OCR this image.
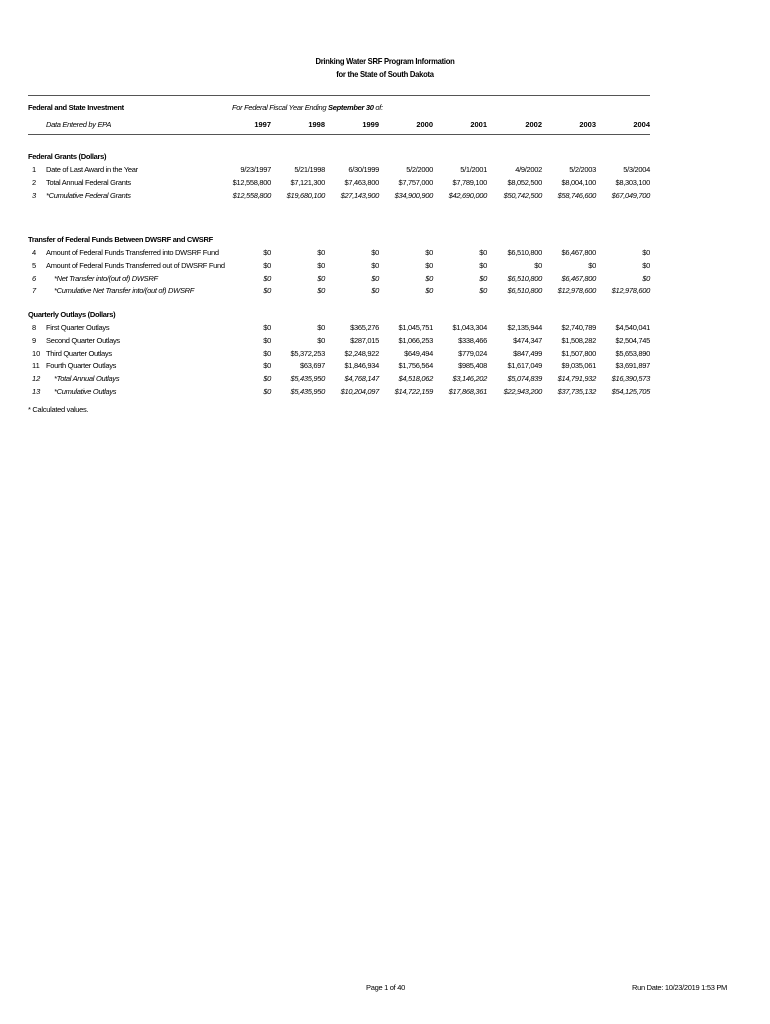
Drinking Water SRF Program Information
for the State of South Dakota
Federal and State Investment
Data Entered by EPA
For Federal Fiscal Year Ending September 30 of:
1997	1998	1999	2000	2001	2002	2003	2004
Federal Grants (Dollars)
1 Date of Last Award in the Year	9/23/1997	5/21/1998	6/30/1999	5/2/2000	5/1/2001	4/9/2002	5/2/2003	5/3/2004
2 Total Annual Federal Grants	$12,558,800	$7,121,300	$7,463,800	$7,757,000	$7,789,100	$8,052,500	$8,004,100	$8,303,100
3 *Cumulative Federal Grants	$12,558,800	$19,680,100	$27,143,900	$34,900,900	$42,690,000	$50,742,500	$58,746,600	$67,049,700
Transfer of Federal Funds Between DWSRF and CWSRF
4 Amount of Federal Funds Transferred into DWSRF Fund	$0	$0	$0	$0	$0	$6,510,800	$6,467,800	$0
5 Amount of Federal Funds Transferred out of DWSRF Fund	$0	$0	$0	$0	$0	$0	$0	$0
6 *Net Transfer into/(out of) DWSRF	$0	$0	$0	$0	$0	$6,510,800	$6,467,800	$0
7 *Cumulative Net Transfer into/(out of) DWSRF	$0	$0	$0	$0	$0	$6,510,800	$12,978,600	$12,978,600
Quarterly Outlays (Dollars)
8 First Quarter Outlays	$0	$0	$365,276	$1,045,751	$1,043,304	$2,135,944	$2,740,789	$4,540,041
9 Second Quarter Outlays	$0	$0	$287,015	$1,066,253	$338,466	$474,347	$1,508,282	$2,504,745
10 Third Quarter Outlays	$0	$5,372,253	$2,248,922	$649,494	$779,024	$847,499	$1,507,800	$5,653,890
11 Fourth Quarter Outlays	$0	$63,697	$1,846,934	$1,756,564	$985,408	$1,617,049	$9,035,061	$3,691,897
12 *Total Annual Outlays	$0	$5,435,950	$4,768,147	$4,518,062	$3,146,202	$5,074,839	$14,791,932	$16,390,573
13 *Cumulative Outlays	$0	$5,435,950	$10,204,097	$14,722,159	$17,868,361	$22,943,200	$37,735,132	$54,125,705
* Calculated values.
Page 1 of 40	Run Date: 10/23/2019 1:53 PM
